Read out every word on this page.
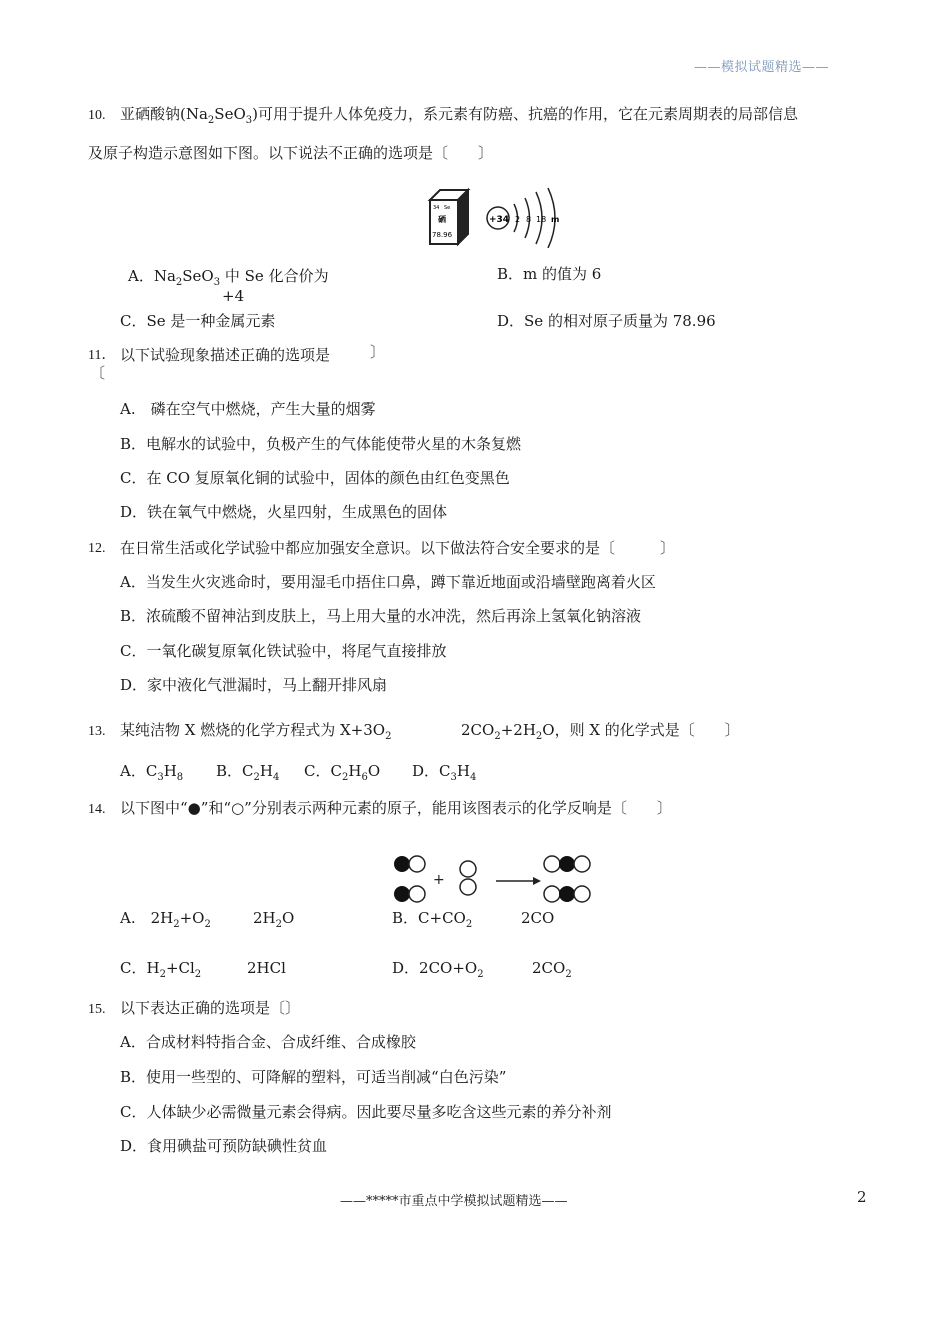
——模拟试题精选——
10. 亚硒酸钠$(Na_2SeO_3)$可用于提升人体免疫力，系元素有防癌、抗癌的作用，它在元素周期表的局部信息
及原子构造示意图如下图。以下说法不正确的选项是〔　　〕
34 Se
硒
78.96
+34 2 8 18 m
A．$Na_2SeO_3$ 中 Se 化合价为
+4
B．m 的值为 6
C．Se 是一种金属元素	D．Se 的相对原子质量为 78.96
11． 以下试验现象描述正确的选项是	〕
〔
A.　磷在空气中燃烧，产生大量的烟雾
B．电解水的试验中，负极产生的气体能使带火星的木条复燃
C．在 CO 复原氧化铜的试验中，固体的颜色由红色变黑色
D．铁在氧气中燃烧，火星四射，生成黑色的固体
12. 在日常生活或化学试验中都应加强安全意识。以下做法符合安全要求的是〔　　　〕
A．当发生火灾逃命时，要用湿毛巾捂住口鼻，蹲下靠近地面或沿墙壁跑离着火区
B．浓硫酸不留神沾到皮肤上，马上用大量的水冲洗，然后再涂上氢氧化钠溶液
C．一氧化碳复原氧化铁试验中，将尾气直接排放
D．家中液化气泄漏时，马上翻开排风扇
13. 某纯洁物 X 燃烧的化学方程式为 $X+3O_2$	$2CO_2+2H_2O$，则 X 的化学式是〔　　〕
A．$C_3H_8$ B．$C_2H_4$ C．$C_2H_6O$ D．$C_3H_4$
14. 以下图中“●”和“○”分别表示两种元素的原子，能用该图表示的化学反响是〔　　〕
+
A.　$2H_2+O_2$	$2H_2O$	B．$C+CO_2$	2CO
C．$H_2+Cl_2$	2HCl	D．$2CO+O_2$	$2CO_2$
15. 以下表达正确的选项是〔〕
A．合成材料特指合金、合成纤维、合成橡胶
B．使用一些型的、可降解的塑料，可适当削减“白色污染”
C．人体缺少必需微量元素会得病。因此要尽量多吃含这些元素的养分补剂
D．食用碘盐可预防缺碘性贫血
——*****市重点中学模拟试题精选——	2
